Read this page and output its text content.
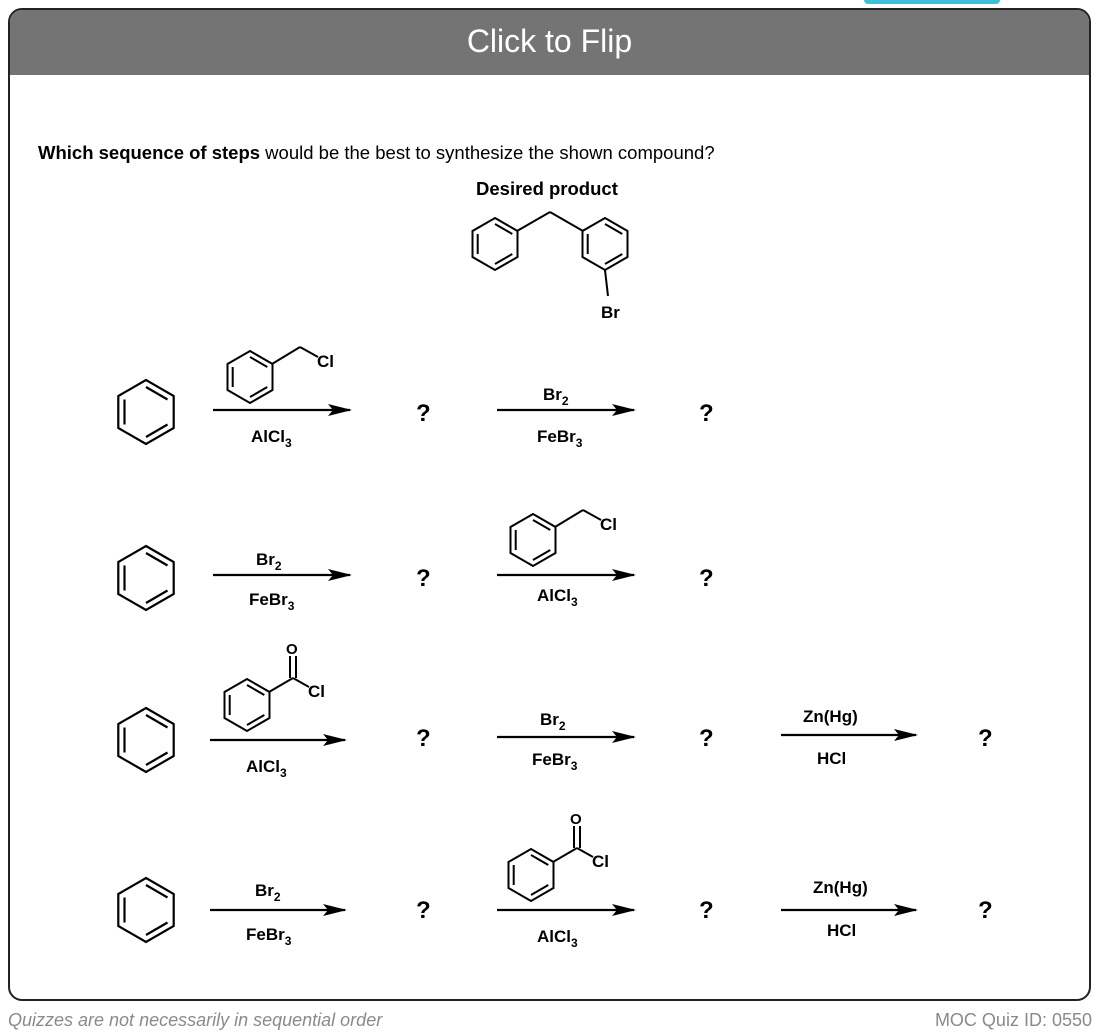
Click to Flip
Which sequence of steps would be the best to synthesize the shown compound?
Desired product
Br
Cl
AlCl$_3$
?
$Br_2$
FeBr$_3$
?
$Br_2$
FeBr$_3$
?
Cl
AlCl$_3$
?
O
Cl
AlCl$_3$
?
$Br_2$
FeBr$_3$
?
Zn(Hg)
HCl
?
$Br_2$
FeBr$_3$
?
O
Cl
AlCl$_3$
?
Zn(Hg)
HCl
?
Quizzes are not necessarily in sequential order	MOC Quiz ID: 0550
